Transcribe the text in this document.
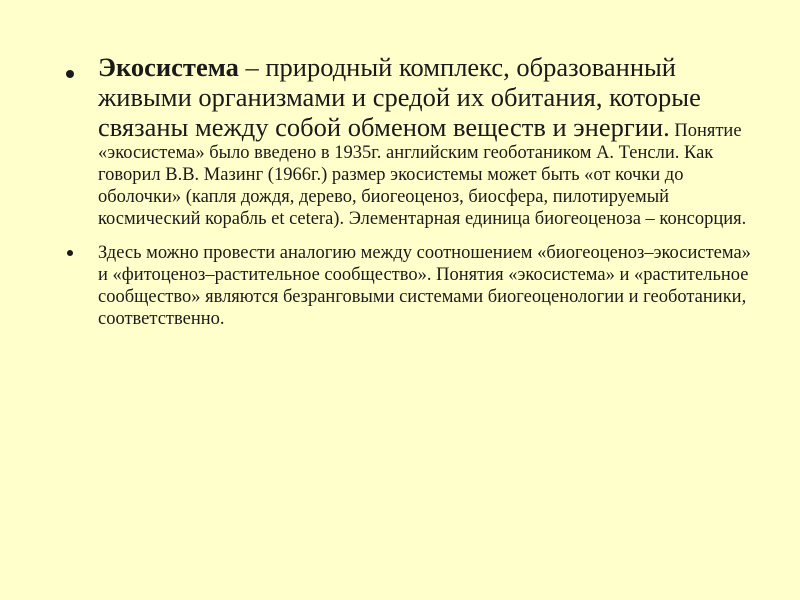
Экосистема – природный комплекс, образованный живыми организмами и средой их обитания, которые связаны между собой обменом веществ и энергии. Понятие «экосистема» было введено в 1935г. английским геоботаником А. Тенсли. Как говорил В.В. Мазинг (1966г.) размер экосистемы может быть «от кочки до оболочки» (капля дождя, дерево, биогеоценоз, биосфера, пилотируемый космический корабль et cetera). Элементарная единица биогеоценоза – консорция.
Здесь можно провести аналогию между соотношением «биогеоценоз–экосистема» и «фитоценоз–растительное сообщество». Понятия «экосистема» и «растительное сообщество» являются безранговыми системами биогеоценологии и геоботаники, соответственно.
